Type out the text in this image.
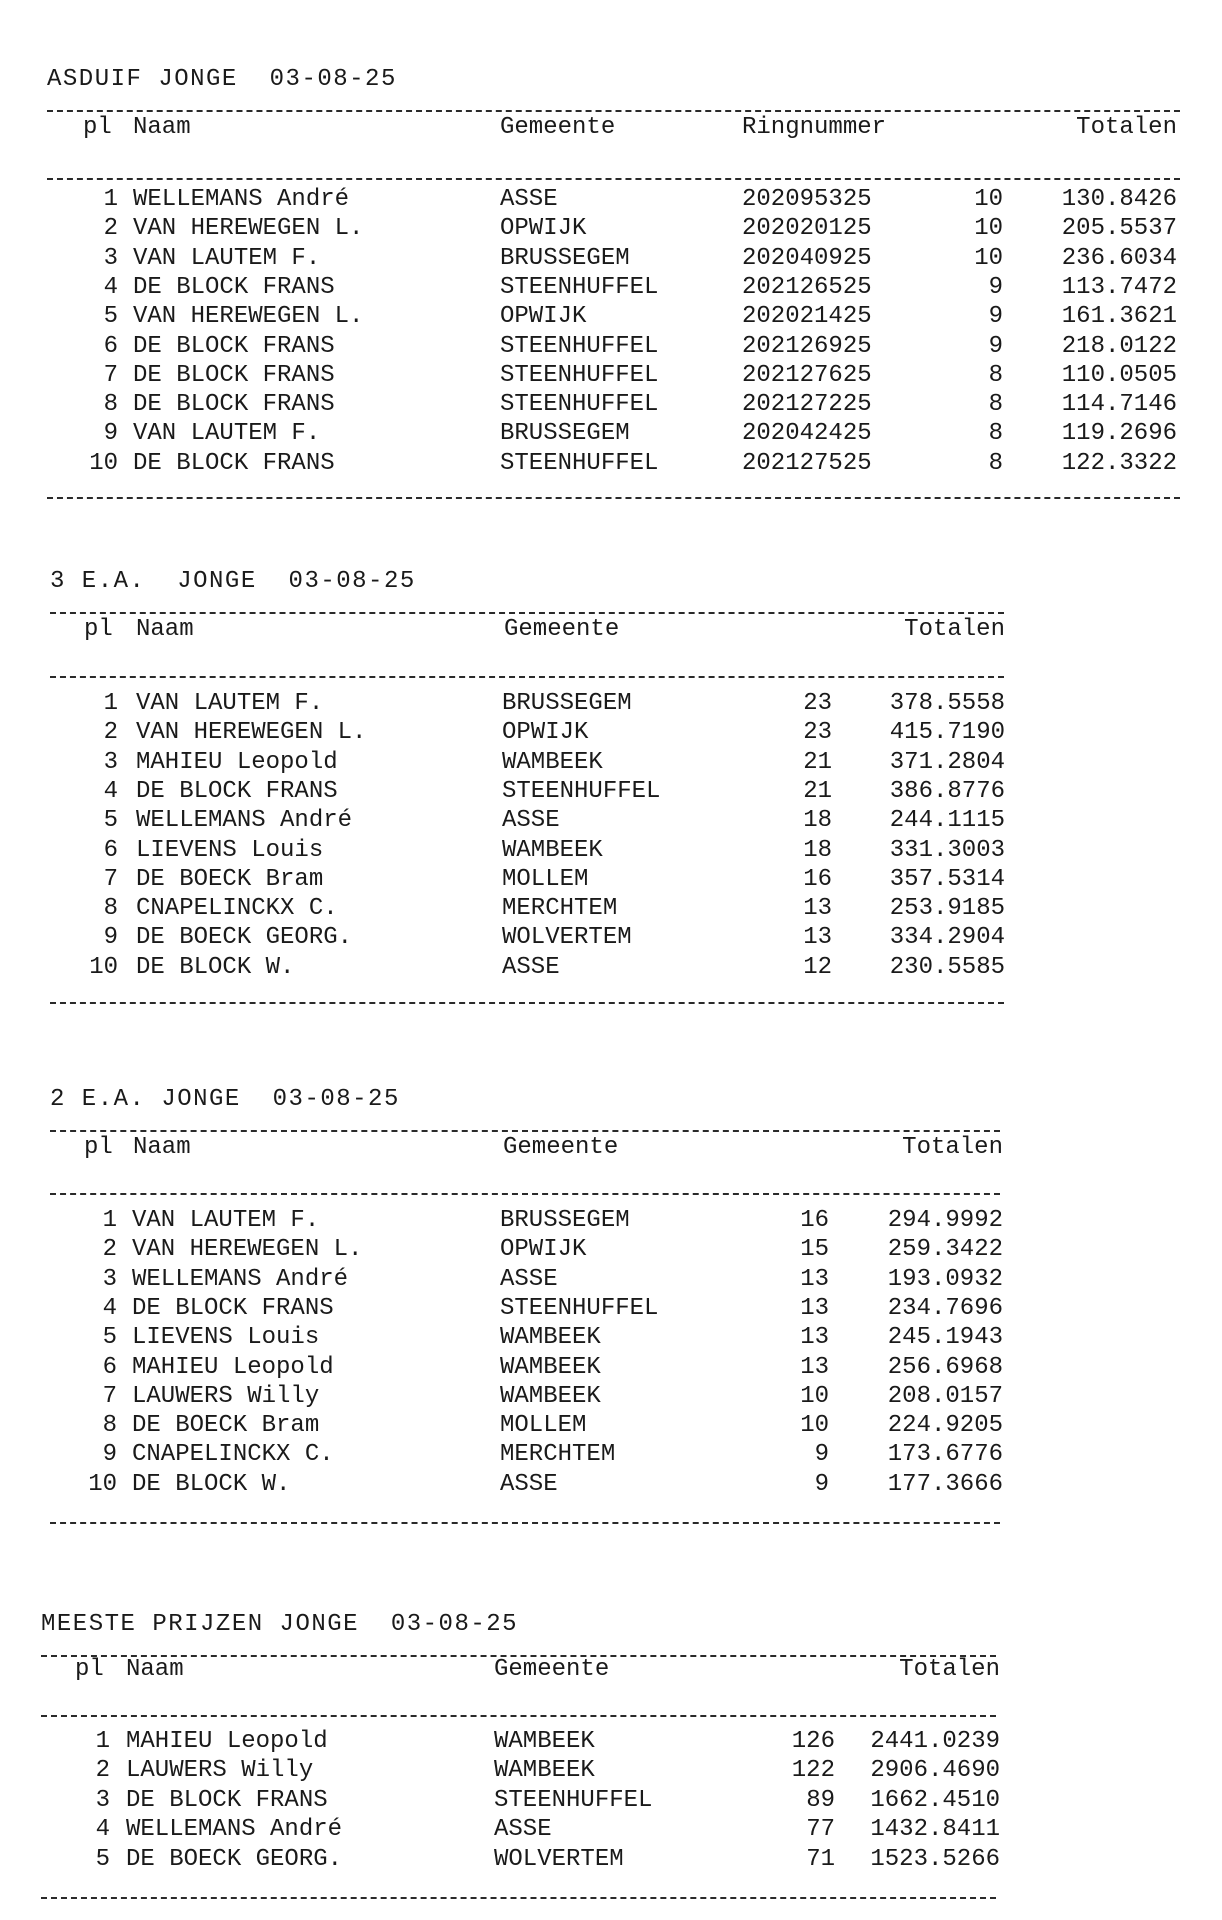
ASDUIF JONGE  03-08-25
pl Naam	Gemeente	Ringnummer	Totalen
1 WELLEMANS André	ASSE	202095325	10 130.8426
2 VAN HEREWEGEN L.	OPWIJK	202020125	10 205.5537
3 VAN LAUTEM F.	BRUSSEGEM	202040925	10 236.6034
4 DE BLOCK FRANS	STEENHUFFEL	202126525	9 113.7472
5 VAN HEREWEGEN L.	OPWIJK	202021425	9 161.3621
6 DE BLOCK FRANS	STEENHUFFEL	202126925	9 218.0122
7 DE BLOCK FRANS	STEENHUFFEL	202127625	8 110.0505
8 DE BLOCK FRANS	STEENHUFFEL	202127225	8 114.7146
9 VAN LAUTEM F.	BRUSSEGEM	202042425	8 119.2696
10 DE BLOCK FRANS	STEENHUFFEL	202127525	8 122.3322
3 E.A.  JONGE  03-08-25
pl Naam	Gemeente	Totalen
1 VAN LAUTEM F.	BRUSSEGEM	23 378.5558
2 VAN HEREWEGEN L.	OPWIJK	23 415.7190
3 MAHIEU Leopold	WAMBEEK	21 371.2804
4 DE BLOCK FRANS	STEENHUFFEL	21 386.8776
5 WELLEMANS André	ASSE	18 244.1115
6 LIEVENS Louis	WAMBEEK	18 331.3003
7 DE BOECK Bram	MOLLEM	16 357.5314
8 CNAPELINCKX C.	MERCHTEM	13 253.9185
9 DE BOECK GEORG.	WOLVERTEM	13 334.2904
10 DE BLOCK W.	ASSE	12 230.5585
2 E.A. JONGE  03-08-25
pl Naam	Gemeente	Totalen
1 VAN LAUTEM F.	BRUSSEGEM	16 294.9992
2 VAN HEREWEGEN L.	OPWIJK	15 259.3422
3 WELLEMANS André	ASSE	13 193.0932
4 DE BLOCK FRANS	STEENHUFFEL	13 234.7696
5 LIEVENS Louis	WAMBEEK	13 245.1943
6 MAHIEU Leopold	WAMBEEK	13 256.6968
7 LAUWERS Willy	WAMBEEK	10 208.0157
8 DE BOECK Bram	MOLLEM	10 224.9205
9 CNAPELINCKX C.	MERCHTEM	9 173.6776
10 DE BLOCK W.	ASSE	9 177.3666
MEESTE PRIJZEN JONGE  03-08-25
pl Naam	Gemeente	Totalen
1 MAHIEU Leopold	WAMBEEK	126 2441.0239
2 LAUWERS Willy	WAMBEEK	122 2906.4690
3 DE BLOCK FRANS	STEENHUFFEL	89 1662.4510
4 WELLEMANS André	ASSE	77 1432.8411
5 DE BOECK GEORG.	WOLVERTEM	71 1523.5266
